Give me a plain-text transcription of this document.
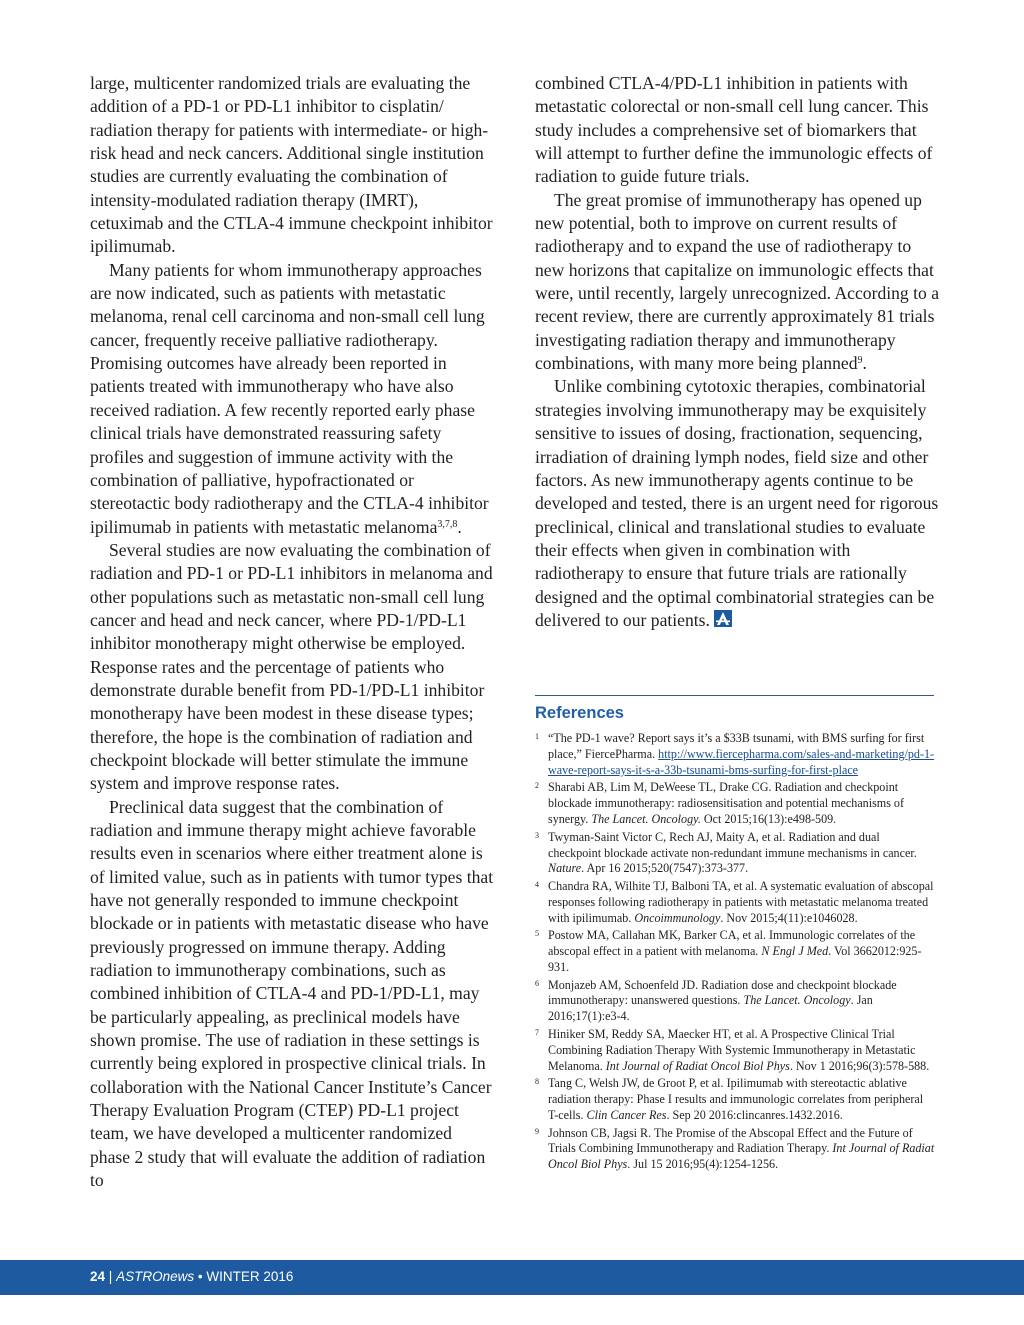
large, multicenter randomized trials are evaluating the addition of a PD-1 or PD-L1 inhibitor to cisplatin/ radiation therapy for patients with intermediate- or high-risk head and neck cancers. Additional single institution studies are currently evaluating the combination of intensity-modulated radiation therapy (IMRT), cetuximab and the CTLA-4 immune checkpoint inhibitor ipilimumab.

Many patients for whom immunotherapy approaches are now indicated, such as patients with metastatic melanoma, renal cell carcinoma and non-small cell lung cancer, frequently receive palliative radiotherapy. Promising outcomes have already been reported in patients treated with immunotherapy who have also received radiation. A few recently reported early phase clinical trials have demonstrated reassuring safety profiles and suggestion of immune activity with the combination of palliative, hypofractionated or stereotactic body radiotherapy and the CTLA-4 inhibitor ipilimumab in patients with metastatic melanoma$^{3,7,8}$.

Several studies are now evaluating the combination of radiation and PD-1 or PD-L1 inhibitors in melanoma and other populations such as metastatic non-small cell lung cancer and head and neck cancer, where PD-1/PD-L1 inhibitor monotherapy might otherwise be employed. Response rates and the percentage of patients who demonstrate durable benefit from PD-1/PD-L1 inhibitor monotherapy have been modest in these disease types; therefore, the hope is the combination of radiation and checkpoint blockade will better stimulate the immune system and improve response rates.

Preclinical data suggest that the combination of radiation and immune therapy might achieve favorable results even in scenarios where either treatment alone is of limited value, such as in patients with tumor types that have not generally responded to immune checkpoint blockade or in patients with metastatic disease who have previously progressed on immune therapy. Adding radiation to immunotherapy combinations, such as combined inhibition of CTLA-4 and PD-1/PD-L1, may be particularly appealing, as preclinical models have shown promise. The use of radiation in these settings is currently being explored in prospective clinical trials. In collaboration with the National Cancer Institute’s Cancer Therapy Evaluation Program (CTEP) PD-L1 project team, we have developed a multicenter randomized phase 2 study that will evaluate the addition of radiation to

combined CTLA-4/PD-L1 inhibition in patients with metastatic colorectal or non-small cell lung cancer. This study includes a comprehensive set of biomarkers that will attempt to further define the immunologic effects of radiation to guide future trials.

The great promise of immunotherapy has opened up new potential, both to improve on current results of radiotherapy and to expand the use of radiotherapy to new horizons that capitalize on immunologic effects that were, until recently, largely unrecognized. According to a recent review, there are currently approximately 81 trials investigating radiation therapy and immunotherapy combinations, with many more being planned$^9$.

Unlike combining cytotoxic therapies, combinatorial strategies involving immunotherapy may be exquisitely sensitive to issues of dosing, fractionation, sequencing, irradiation of draining lymph nodes, field size and other factors. As new immunotherapy agents continue to be developed and tested, there is an urgent need for rigorous preclinical, clinical and translational studies to evaluate their effects when given in combination with radiotherapy to ensure that future trials are rationally designed and the optimal combinatorial strategies can be delivered to our patients.

References
1 “The PD-1 wave? Report says it’s a $33B tsunami, with BMS surfing for first place,” FiercePharma. http://www.fiercepharma.com/sales-and-marketing/pd-1-wave-report-says-it-s-a-33b-tsunami-bms-surfing-for-first-place
2 Sharabi AB, Lim M, DeWeese TL, Drake CG. Radiation and checkpoint blockade immunotherapy: radiosensitisation and potential mechanisms of synergy. The Lancet. Oncology. Oct 2015;16(13):e498-509.
3 Twyman-Saint Victor C, Rech AJ, Maity A, et al. Radiation and dual checkpoint blockade activate non-redundant immune mechanisms in cancer. Nature. Apr 16 2015;520(7547):373-377.
4 Chandra RA, Wilhite TJ, Balboni TA, et al. A systematic evaluation of abscopal responses following radiotherapy in patients with metastatic melanoma treated with ipilimumab. Oncoimmunology. Nov 2015;4(11):e1046028.
5 Postow MA, Callahan MK, Barker CA, et al. Immunologic correlates of the abscopal effect in a patient with melanoma. N Engl J Med. Vol 3662012:925-931.
6 Monjazeb AM, Schoenfeld JD. Radiation dose and checkpoint blockade immunotherapy: unanswered questions. The Lancet. Oncology. Jan 2016;17(1):e3-4.
7 Hiniker SM, Reddy SA, Maecker HT, et al. A Prospective Clinical Trial Combining Radiation Therapy With Systemic Immunotherapy in Metastatic Melanoma. Int Journal of Radiat Oncol Biol Phys. Nov 1 2016;96(3):578-588.
8 Tang C, Welsh JW, de Groot P, et al. Ipilimumab with stereotactic ablative radiation therapy: Phase I results and immunologic correlates from peripheral T-cells. Clin Cancer Res. Sep 20 2016:clincanres.1432.2016.
9 Johnson CB, Jagsi R. The Promise of the Abscopal Effect and the Future of Trials Combining Immunotherapy and Radiation Therapy. Int Journal of Radiat Oncol Biol Phys. Jul 15 2016;95(4):1254-1256.
24 | ASTROnews • WINTER 2016
